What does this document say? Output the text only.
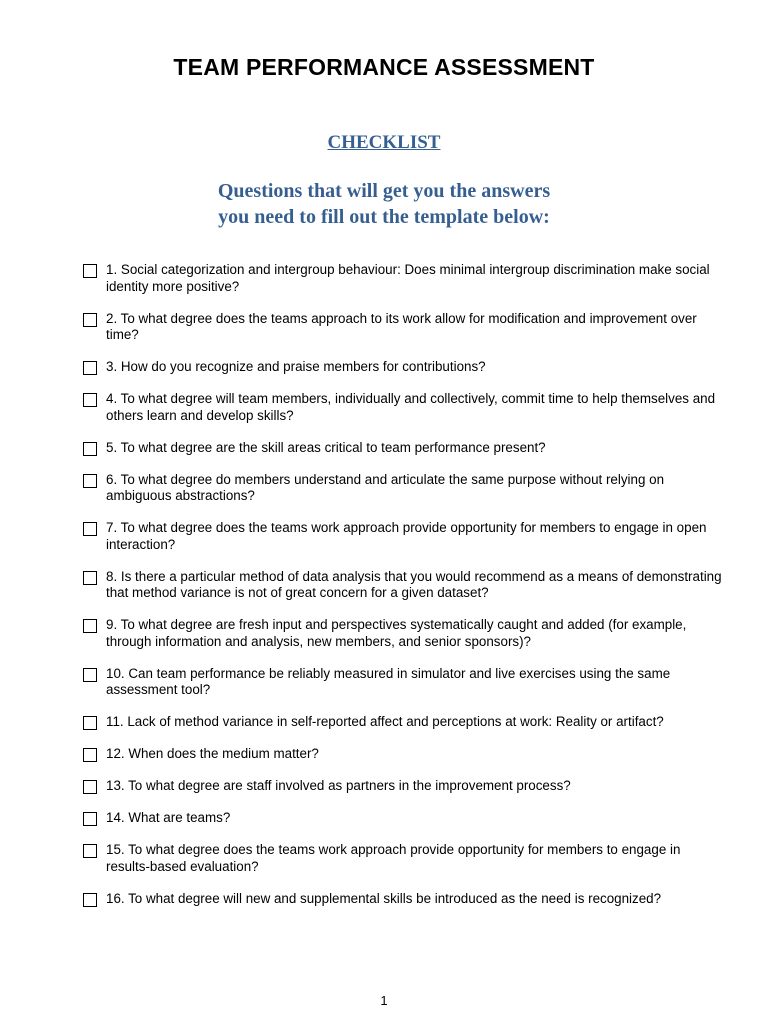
TEAM PERFORMANCE ASSESSMENT
CHECKLIST
Questions that will get you the answers
you need to fill out the template below:
1. Social categorization and intergroup behaviour: Does minimal intergroup discrimination make social identity more positive?
2. To what degree does the teams approach to its work allow for modification and improvement over time?
3. How do you recognize and praise members for contributions?
4. To what degree will team members, individually and collectively, commit time to help themselves and others learn and develop skills?
5. To what degree are the skill areas critical to team performance present?
6. To what degree do members understand and articulate the same purpose without relying on ambiguous abstractions?
7. To what degree does the teams work approach provide opportunity for members to engage in open interaction?
8. Is there a particular method of data analysis that you would recommend as a means of demonstrating that method variance is not of great concern for a given dataset?
9. To what degree are fresh input and perspectives systematically caught and added (for example, through information and analysis, new members, and senior sponsors)?
10. Can team performance be reliably measured in simulator and live exercises using the same assessment tool?
11. Lack of method variance in self-reported affect and perceptions at work: Reality or artifact?
12. When does the medium matter?
13. To what degree are staff involved as partners in the improvement process?
14. What are teams?
15. To what degree does the teams work approach provide opportunity for members to engage in results-based evaluation?
16. To what degree will new and supplemental skills be introduced as the need is recognized?
1
